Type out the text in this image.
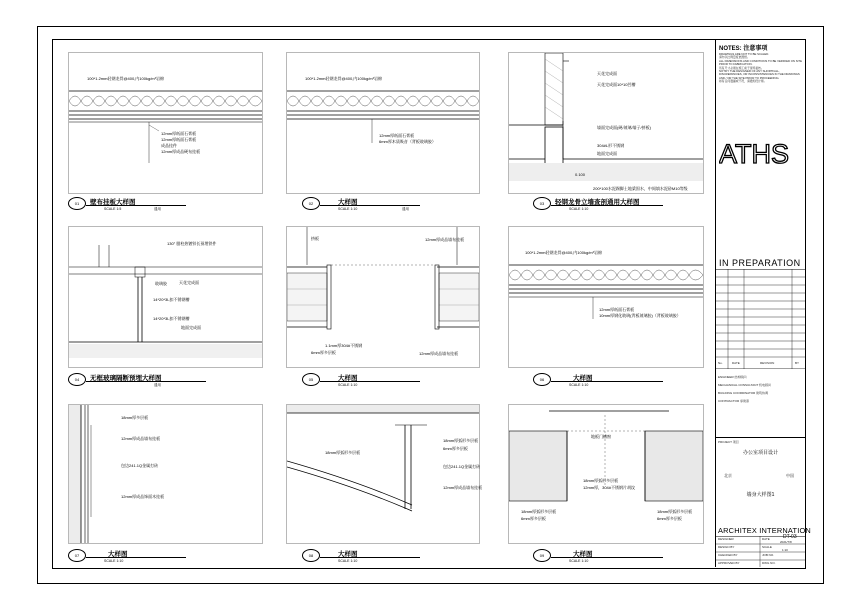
100*1.2mm轻钢龙骨@400,内100kg/m³岩棉
12mm厚纸面石膏板
12mm厚纸面石膏板
成品挂件
12mm厚成品硬布挂板
100*1.2mm轻钢龙骨@400,内100kg/m³岩棉
12mm厚纸面石膏板
6mm厚木质吸音（背板玻璃胶）
天花完成面
天花完成面10*10凹槽
墙面完成面(硬/玻璃/墙子/挤板)
304#L形不锈钢
地面完成面
0.100
200*100水泥踢脚土地梁固水，中间填水泥砂M10等级
01	壁布挂板大样图
SCALE 1:5	通用
02	大样图
SCALE 1:10	通用
03	轻钢龙骨立墙查剖通用大样图
SCALE 1:10
130° 腊柱热镀锌长预埋铁件
天花完成面
玻璃胶
14*20*3L扣不锈钢槽
14*20*3L扣不锈钢槽
地面完成面
挤板	12mm厚成品墙布挂板
12mm厚成品墙布挂板
1.1mm厚304#不锈钢
6mm厚多层板
100*1.2mm轻钢龙骨@400,内100kg/m³岩棉
12mm厚纸面石膏板
10mm厚钢化玻璃(背板玻璃胶)（背板玻璃胶）
04	无框玻璃隔断预埋大样图
通用
05	大样图
SCALE 1:10
06	大样图
SCALE 1:10
18mm厚多层板
12mm厚成品墙布挂板
包边241.1Q金属打砖
12mm厚成品饰面木挂板
18mm厚弧形多层板
18mm厚弧形多层板
6mm厚多层板
包边241.1Q金属打砖
12mm厚成品墙布挂板
地板门槽窗
18mm厚弧形多层板
12mm厚，304#不锈钢片胡纹
18mm厚弧形多层板
6mm厚多层板
18mm厚弧形多层板
6mm厚多层板
07	大样图
SCALE 1:10
08	大样图
SCALE 1:10
09	大样图
SCALE 1:10
NOTES: 注意事项
DRAWINGS ARE NOT TO BE SCALED.
请勿以比例量度此图纸。
ALL DIMENSIONS AND CONDITIONS TO BE VERIFIED ON SITE PRIOR TO FABRICATION.
所有尺寸必须在施工前于现场复核。
NOTIFY THE DESIGNER OF ANY SHORTFALL, DISCREPANCIES, OR INCONSISTENCIES IN THE DRAWINGS AND / OR THE SITE PRIOR TO PROCEEDING.
如有任何遗漏或不符，请通知设计师。
ATHS
IN PREPARATION
No.	DATE	REVISION	BY
ENGINEER 结构顾问
MECHANICAL CONSULTANT 机电顾问
BUILDING COORDINATOR 建筑协调
CONTRACTOR 承建商
PROJECT 项目
办公室项目设计
北京	中国
墙身大样图1
ARCHITEX INTERNATION
DESIGNER	DATE
2021/7/8
DESIGN BY	SCALE
1:10
CHECKED BY	JOB NO.
APPROVED BY	DWG NO.
DT-03
